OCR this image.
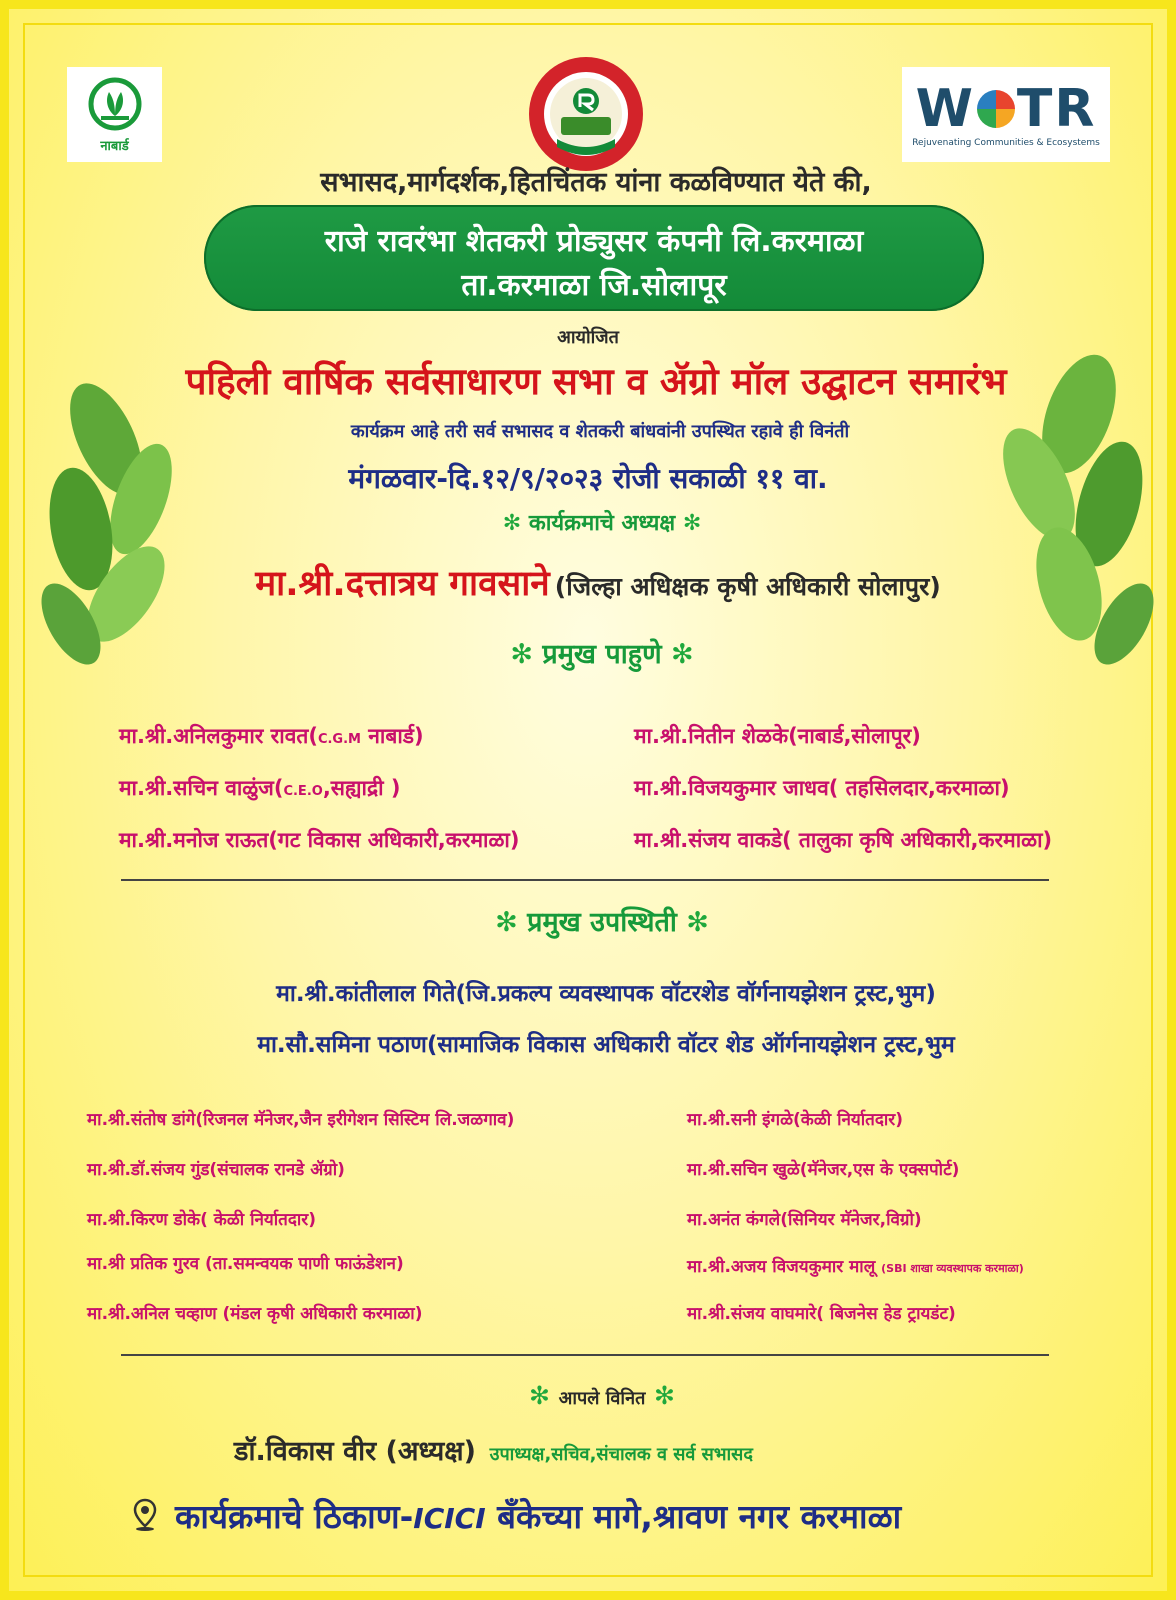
नाबार्ड
W TR
Rejuvenating Communities & Ecosystems
सभासद,मार्गदर्शक,हितचिंतक यांना कळविण्यात येते की,
राजे रावरंभा शेतकरी प्रोड्युसर कंपनी लि.करमाळा
ता.करमाळा जि.सोलापूर
आयोजित
पहिली वार्षिक सर्वसाधारण सभा व ॲग्रो मॉल उद्घाटन समारंभ
कार्यक्रम आहे तरी सर्व सभासद व शेतकरी बांधवांनी उपस्थित रहावे ही विनंती
मंगळवार-दि.१२/९/२०२३ रोजी सकाळी ११ वा.
✻ कार्यक्रमाचे अध्यक्ष ✻
मा.श्री.दत्तात्रय गावसाने (जिल्हा अधिक्षक कृषी अधिकारी सोलापुर)
✻ प्रमुख पाहुणे ✻
मा.श्री.अनिलकुमार रावत(C.G.M नाबार्ड)
मा.श्री.सचिन वाळुंज(C.E.O,सह्याद्री )
मा.श्री.मनोज राऊत(गट विकास अधिकारी,करमाळा)
मा.श्री.नितीन शेळके(नाबार्ड,सोलापूर)
मा.श्री.विजयकुमार जाधव( तहसिलदार,करमाळा)
मा.श्री.संजय वाकडे( तालुका कृषि अधिकारी,करमाळा)
✻ प्रमुख उपस्थिती ✻
मा.श्री.कांतीलाल गिते(जि.प्रकल्प व्यवस्थापक वॉटरशेड वॉर्गनायझेशन ट्रस्ट,भुम)
मा.सौ.समिना पठाण(सामाजिक विकास अधिकारी वॉटर शेड ऑर्गनायझेशन ट्रस्ट,भुम
मा.श्री.संतोष डांगे(रिजनल मॅनेजर,जैन इरीगेशन सिस्टिम लि.जळगाव)
मा.श्री.डॉ.संजय गुंड(संचालक रानडे ॲग्रो)
मा.श्री.किरण डोके( केळी निर्यातदार)
मा.श्री प्रतिक गुरव (ता.समन्वयक पाणी फाऊंडेशन)
मा.श्री.अनिल चव्हाण (मंडल कृषी अधिकारी करमाळा)
मा.श्री.सनी इंगळे(केळी निर्यातदार)
मा.श्री.सचिन खुळे(मॅनेजर,एस के एक्सपोर्ट)
मा.अनंत कंगले(सिनियर मॅनेजर,विग्रो)
मा.श्री.अजय विजयकुमार मालू (SBI शाखा व्यवस्थापक करमाळा)
मा.श्री.संजय वाघमारे( बिजनेस हेड ट्रायडंट)
✻ आपले विनित ✻
डॉ.विकास वीर (अध्यक्ष) उपाध्यक्ष,सचिव,संचालक व सर्व सभासद
कार्यक्रमाचे ठिकाण-ICICI बँकेच्या मागे,श्रावण नगर करमाळा
